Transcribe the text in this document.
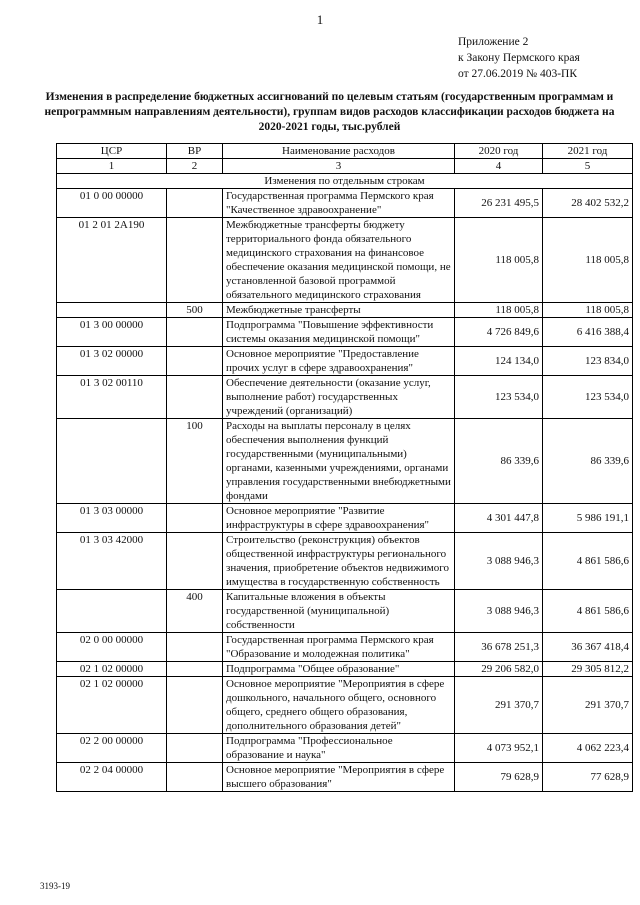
1
Приложение 2
к Закону Пермского края
от 27.06.2019 № 403-ПК
Изменения в распределение бюджетных ассигнований по целевым статьям (государственным программам и непрограммным направлениям деятельности), группам видов расходов классификации расходов бюджета на 2020-2021 годы, тыс.рублей
ЦСР	ВР	Наименование расходов	2020 год	2021 год
1	2	3	4	5
Изменения по отдельным строкам				
01 0 00 00000		Государственная программа Пермского края "Качественное здравоохранение"	26 231 495,5	28 402 532,2
01 2 01 2А190		Межбюджетные трансферты бюджету территориального фонда обязательного медицинского страхования на финансовое обеспечение оказания медицинской помощи, не установленной базовой программой обязательного медицинского страхования	118 005,8	118 005,8
	500	Межбюджетные трансферты	118 005,8	118 005,8
01 3 00 00000		Подпрограмма "Повышение эффективности системы оказания медицинской помощи"	4 726 849,6	6 416 388,4
01 3 02 00000		Основное мероприятие "Предоставление прочих услуг в сфере здравоохранения"	124 134,0	123 834,0
01 3 02 00110		Обеспечение деятельности (оказание услуг, выполнение работ) государственных учреждений (организаций)	123 534,0	123 534,0
	100	Расходы на выплаты персоналу в целях обеспечения выполнения функций государственными (муниципальными) органами, казенными учреждениями, органами управления государственными внебюджетными фондами	86 339,6	86 339,6
01 3 03 00000		Основное мероприятие "Развитие инфраструктуры в сфере здравоохранения"	4 301 447,8	5 986 191,1
01 3 03 42000		Строительство (реконструкция) объектов общественной инфраструктуры регионального значения, приобретение объектов недвижимого имущества в государственную собственность	3 088 946,3	4 861 586,6
	400	Капитальные вложения в объекты государственной (муниципальной) собственности	3 088 946,3	4 861 586,6
02 0 00 00000		Государственная программа Пермского края "Образование и молодежная политика"	36 678 251,3	36 367 418,4
02 1 02 00000		Подпрограмма "Общее образование"	29 206 582,0	29 305 812,2
02 1 02 00000		Основное мероприятие "Мероприятия в сфере дошкольного, начального общего, основного общего, среднего общего образования, дополнительного образования детей"	291 370,7	291 370,7
02 2 00 00000		Подпрограмма "Профессиональное образование и наука"	4 073 952,1	4 062 223,4
02 2 04 00000		Основное мероприятие "Мероприятия в сфере высшего образования"	79 628,9	77 628,9
3193-19
